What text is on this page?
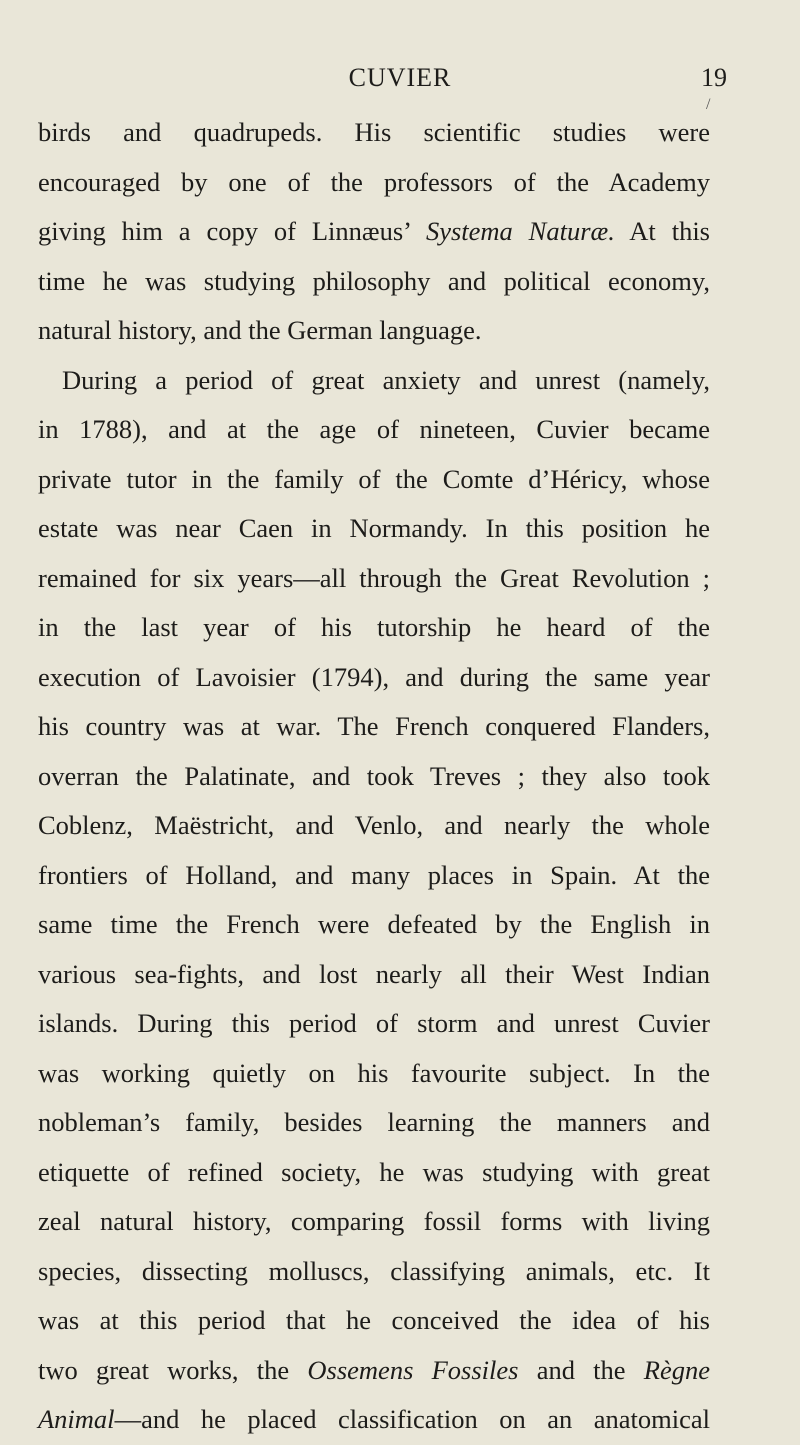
CUVIER	19
/
birds and quadrupeds. His scientific studies were
encouraged by one of the professors of the Academy
giving him a copy of Linnæus’ Systema Naturæ. At this
time he was studying philosophy and political economy,
natural history, and the German language.
During a period of great anxiety and unrest (namely,
in 1788), and at the age of nineteen, Cuvier became
private tutor in the family of the Comte d’Héricy, whose
estate was near Caen in Normandy. In this position he
remained for six years—all through the Great Revolution ;
in the last year of his tutorship he heard of the
execution of Lavoisier (1794), and during the same year
his country was at war. The French conquered Flanders,
overran the Palatinate, and took Treves ; they also took
Coblenz, Maëstricht, and Venlo, and nearly the whole
frontiers of Holland, and many places in Spain. At the
same time the French were defeated by the English in
various sea-fights, and lost nearly all their West Indian
islands. During this period of storm and unrest Cuvier
was working quietly on his favourite subject. In the
nobleman’s family, besides learning the manners and
etiquette of refined society, he was studying with great
zeal natural history, comparing fossil forms with living
species, dissecting molluscs, classifying animals, etc. It
was at this period that he conceived the idea of his
two great works, the Ossemens Fossiles and the Règne
Animal—and he placed classification on an anatomical
